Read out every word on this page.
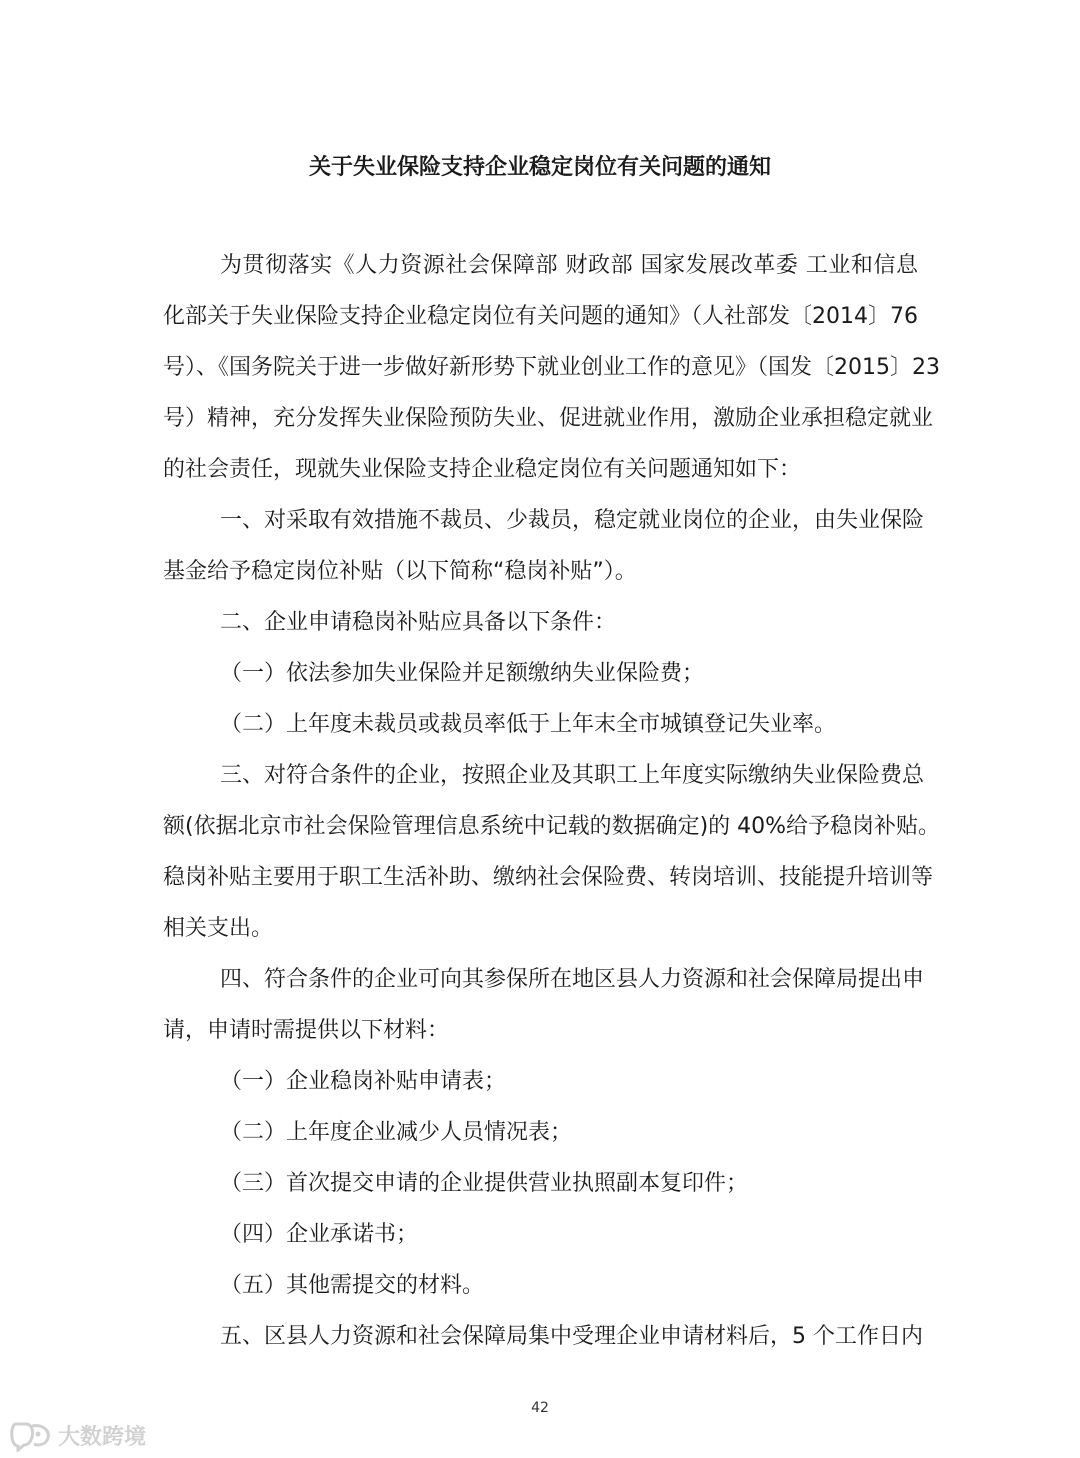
关于失业保险支持企业稳定岗位有关问题的通知
为贯彻落实《人力资源社会保障部 财政部 国家发展改革委 工业和信息
化部关于失业保险支持企业稳定岗位有关问题的通知》（人社部发〔2014〕76
号）、《国务院关于进一步做好新形势下就业创业工作的意见》（国发〔2015〕23
号）精神，充分发挥失业保险预防失业、促进就业作用，激励企业承担稳定就业
的社会责任，现就失业保险支持企业稳定岗位有关问题通知如下：
一、对采取有效措施不裁员、少裁员，稳定就业岗位的企业，由失业保险
基金给予稳定岗位补贴（以下简称“稳岗补贴”）。
二、企业申请稳岗补贴应具备以下条件：
（一）依法参加失业保险并足额缴纳失业保险费；
（二）上年度未裁员或裁员率低于上年末全市城镇登记失业率。
三、对符合条件的企业，按照企业及其职工上年度实际缴纳失业保险费总
额(依据北京市社会保险管理信息系统中记载的数据确定)的 40%给予稳岗补贴。
稳岗补贴主要用于职工生活补助、缴纳社会保险费、转岗培训、技能提升培训等
相关支出。
四、符合条件的企业可向其参保所在地区县人力资源和社会保障局提出申
请，申请时需提供以下材料：
（一）企业稳岗补贴申请表；
（二）上年度企业减少人员情况表；
（三）首次提交申请的企业提供营业执照副本复印件；
（四）企业承诺书；
（五）其他需提交的材料。
五、区县人力资源和社会保障局集中受理企业申请材料后，5 个工作日内
42
大数跨境
